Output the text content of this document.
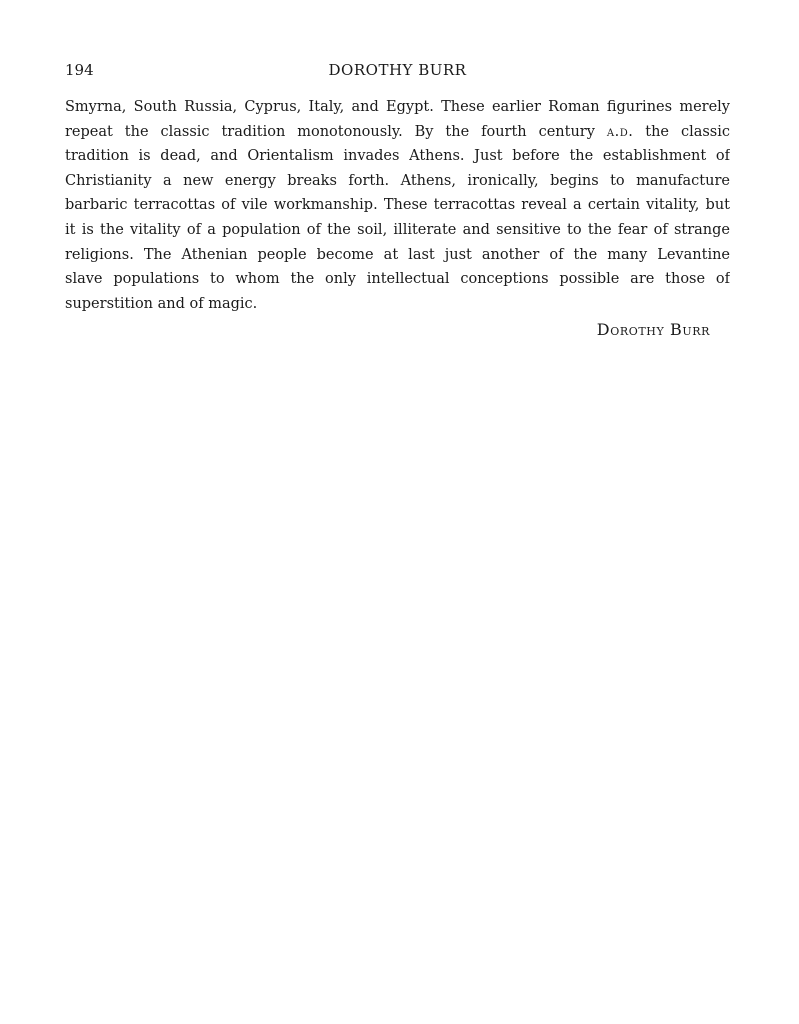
194	DOROTHY BURR

Smyrna, South Russia, Cyprus, Italy, and Egypt. These earlier Roman figurines merely
repeat the classic tradition monotonously. By the fourth century a.d. the classic
tradition is dead, and Orientalism invades Athens. Just before the establishment of
Christianity a new energy breaks forth. Athens, ironically, begins to manufacture
barbaric terracottas of vile workmanship. These terracottas reveal a certain vitality, but
it is the vitality of a population of the soil, illiterate and sensitive to the fear of strange
religions. The Athenian people become at last just another of the many Levantine
slave populations to whom the only intellectual conceptions possible are those of
superstition and of magic.

Dorothy Burr
